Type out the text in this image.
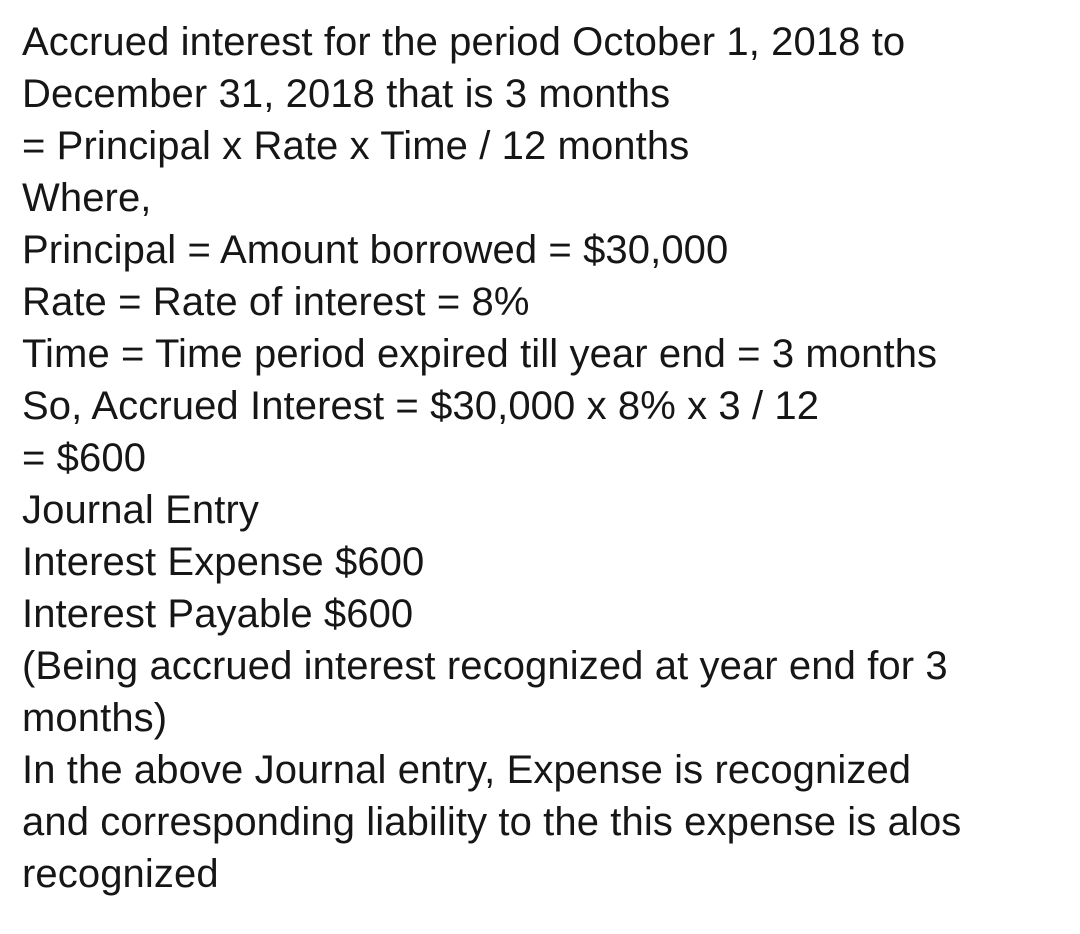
Accrued interest for the period October 1, 2018 to
December 31, 2018 that is 3 months
= Principal x Rate x Time / 12 months
Where,
Principal = Amount borrowed = $30,000
Rate = Rate of interest = 8%
Time = Time period expired till year end = 3 months
So, Accrued Interest = $30,000 x 8% x 3 / 12
= $600
Journal Entry
Interest Expense $600
Interest Payable $600
(Being accrued interest recognized at year end for 3
months)
In the above Journal entry, Expense is recognized
and corresponding liability to the this expense is alos
recognized
